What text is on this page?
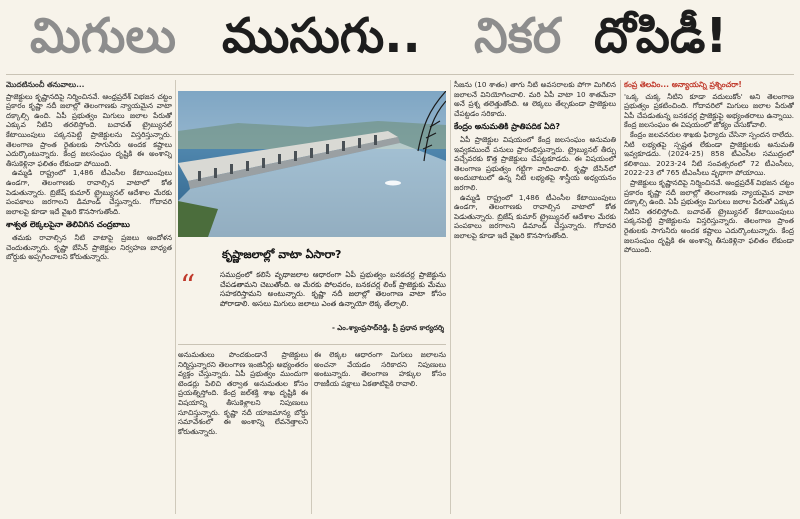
మిగులు ముసుగు.. నికర దోపిడీ!
మొదటినుంచీ తనువాలు...

ప్రాజెక్టులు కృష్ణానదిపై నిర్మించినవే. ఆంధ్రప్రదేశ్ విభజన చట్టం ప్రకారం కృష్ణా నదీ జలాల్లో తెలంగాణకు న్యాయమైన వాటా దక్కాల్సి ఉంది. ఏపీ ప్రభుత్వం మిగులు జలాల పేరుతో ఎక్కువ నీటిని తరలిస్తోంది. బచావత్ ట్రైబ్యునల్ కేటాయింపులు పక్కనపెట్టి ప్రాజెక్టులను విస్తరిస్తున్నారు. తెలంగాణ ప్రాంత రైతులకు సాగునీరు అందక కష్టాలు ఎదుర్కొంటున్నారు. కేంద్ర జలసంఘం దృష్టికి ఈ అంశాన్ని తీసుకెళ్లినా ఫలితం లేకుండా పోయింది.

ఉమ్మడి రాష్ట్రంలో 1,486 టీఎంసీల కేటాయింపులు ఉండగా, తెలంగాణకు రావాల్సిన వాటాలో కోత పెడుతున్నారు. బ్రిజేష్ కుమార్ ట్రైబ్యునల్ ఆదేశాల మేరకు పంపకాలు జరగాలని డిమాండ్ చేస్తున్నారు. గోదావరి జలాలపై కూడా ఇదే వైఖరి కొనసాగుతోంది.

శాశ్వత లెక్కలపైనా తెలివిగిన చంద్రబాబు

తమకు రావాల్సిన నీటి వాటాపై ప్రజలు ఆందోళన చెందుతున్నారు. కృష్ణా బేసిన్ ప్రాజెక్టుల నిర్వహణ బాధ్యత బోర్డుకు అప్పగించాలని కోరుతున్నారు.	కృష్ణాజలాల్లో వాటా ఏసారా?
“	సముద్రంలో కలిసే వృథాజలాల ఆధారంగా ఏపీ ప్రభుత్వం బనకచర్ల ప్రాజెక్టును చేపడతామని చెబుతోంది. ఆ మేరకు పోలవరం, బనకచర్ల లింక్ ప్రాజెక్టుకు మేము సహకరిస్తామని అంటున్నారు. కృష్ణా నదీ జలాల్లో తెలంగాణ వాటా కోసం పోరాడాలి. అసలు మిగులు జలాలు ఎంత ఉన్నాయో లెక్క తేల్చాలి.
- ఎం.శ్యాంప్రసాద్‌రెడ్డి, ప్రీ ప్రధాన కార్యదర్శి

అనుమతులు పొందకుండానే ప్రాజెక్టులు నిర్మిస్తున్నారని తెలంగాణ ఇంజినీర్లు అభ్యంతరం వ్యక్తం చేస్తున్నారు. ఏపీ ప్రభుత్వం ముందుగా టెండర్లు పిలిచి తర్వాత అనుమతుల కోసం ప్రయత్నిస్తోంది. కేంద్ర జల్‌శక్తి శాఖ దృష్టికి ఈ విషయాన్ని తీసుకెళ్లాలని నిపుణులు సూచిస్తున్నారు. కృష్ణా నదీ యాజమాన్య బోర్డు సమావేశంలో ఈ అంశాన్ని లేవనెత్తాలని కోరుతున్నారు.

ఈ లెక్కల ఆధారంగా మిగులు జలాలను అంచనా వేయడం సరికాదని నిపుణులు అంటున్నారు. తెలంగాణ హక్కుల కోసం రాజకీయ పక్షాలు ఏకతాటిపైకి రావాలి.

సీజను (10 శాతం) తాగు నీటి అవసరాలకు పోగా మిగిలిన జలాలనే వినియోగించాలి. మరి ఏపీ వాటా 10 శాతమేనా అనే ప్రశ్న తలెత్తుతోంది. ఆ లెక్కలు తేల్చకుండా ప్రాజెక్టులు చేపట్టడం సరికాదు.

కేంద్రం అనుమతికి ప్రాతిపదిక ఏది?

ఏపీ ప్రాజెక్టుల విషయంలో కేంద్ర జలసంఘం అనుమతి ఇవ్వకముందే పనులు ప్రారంభిస్తున్నారు. ట్రైబ్యునల్ తీర్పు వచ్చేవరకు కొత్త ప్రాజెక్టులు చేపట్టకూడదు. ఈ విషయంలో తెలంగాణ ప్రభుత్వం గట్టిగా వాదించాలి. కృష్ణా బేసిన్‌లో అందుబాటులో ఉన్న నీటి లభ్యతపై శాస్త్రీయ అధ్యయనం జరగాలి.

ఉమ్మడి రాష్ట్రంలో 1,486 టీఎంసీల కేటాయింపులు ఉండగా, తెలంగాణకు రావాల్సిన వాటాలో కోత పెడుతున్నారు. బ్రిజేష్ కుమార్ ట్రైబ్యునల్ ఆదేశాల మేరకు పంపకాలు జరగాలని డిమాండ్ చేస్తున్నారు. గోదావరి జలాలపై కూడా ఇదే వైఖరి కొనసాగుతోంది.

కంప్ర తెలవిం... అన్యాయన్ని ప్రశ్నించరా!

'ఒక్క చుక్క నీటిని కూడా వదులుకోం' అని తెలంగాణ ప్రభుత్వం ప్రకటించింది. గోదావరిలో మిగులు జలాల పేరుతో ఏపీ చేపడుతున్న బనకచర్ల ప్రాజెక్టుపై అభ్యంతరాలు ఉన్నాయి. కేంద్ర జలసంఘం ఈ విషయంలో జోక్యం చేసుకోవాలి.

కేంద్రం జలవనరుల శాఖకు ఫిర్యాదు చేసినా స్పందన రాలేదు. నీటి లభ్యతపై స్పష్టత లేకుండా ప్రాజెక్టులకు అనుమతి ఇవ్వకూడదు. (2024-25) 858 టీఎంసీల సముద్రంలో కలిశాయి. 2023-24 నీటి సంవత్సరంలో 72 టీఎంసీలు, 2022-23 లో 765 టీఎంసీలు వృథాగా పోయాయి.

ప్రాజెక్టులు కృష్ణానదిపై నిర్మించినవే. ఆంధ్రప్రదేశ్ విభజన చట్టం ప్రకారం కృష్ణా నదీ జలాల్లో తెలంగాణకు న్యాయమైన వాటా దక్కాల్సి ఉంది. ఏపీ ప్రభుత్వం మిగులు జలాల పేరుతో ఎక్కువ నీటిని తరలిస్తోంది. బచావత్ ట్రైబ్యునల్ కేటాయింపులు పక్కనపెట్టి ప్రాజెక్టులను విస్తరిస్తున్నారు. తెలంగాణ ప్రాంత రైతులకు సాగునీరు అందక కష్టాలు ఎదుర్కొంటున్నారు. కేంద్ర జలసంఘం దృష్టికి ఈ అంశాన్ని తీసుకెళ్లినా ఫలితం లేకుండా పోయింది.
